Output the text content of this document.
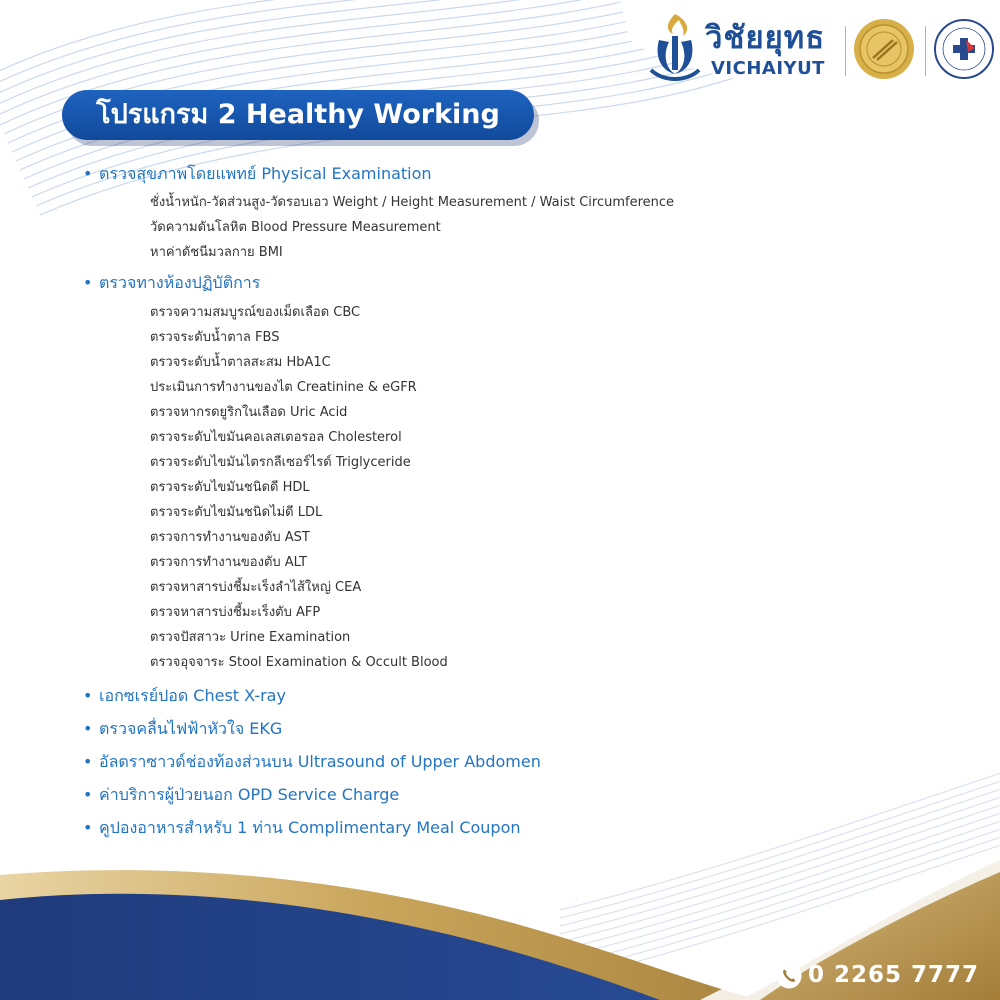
วิชัยยุทธ
VICHAIYUT
โปรแกรม 2 Healthy Working
• ตรวจสุขภาพโดยแพทย์ Physical Examination
ชั่งน้ำหนัก-วัดส่วนสูง-วัดรอบเอว Weight / Height Measurement / Waist Circumference
วัดความดันโลหิต Blood Pressure Measurement
หาค่าดัชนีมวลกาย BMI
• ตรวจทางห้องปฏิบัติการ
ตรวจความสมบูรณ์ของเม็ดเลือด CBC
ตรวจระดับน้ำตาล FBS
ตรวจระดับน้ำตาลสะสม HbA1C
ประเมินการทำงานของไต Creatinine & eGFR
ตรวจหากรดยูริกในเลือด Uric Acid
ตรวจระดับไขมันคอเลสเตอรอล Cholesterol
ตรวจระดับไขมันไตรกลีเซอร์ไรด์ Triglyceride
ตรวจระดับไขมันชนิดดี HDL
ตรวจระดับไขมันชนิดไม่ดี LDL
ตรวจการทำงานของตับ AST
ตรวจการทำงานของตับ ALT
ตรวจหาสารบ่งชี้มะเร็งลำไส้ใหญ่ CEA
ตรวจหาสารบ่งชี้มะเร็งตับ AFP
ตรวจปัสสาวะ Urine Examination
ตรวจอุจจาระ Stool Examination & Occult Blood
• เอกซเรย์ปอด Chest X-ray
• ตรวจคลื่นไฟฟ้าหัวใจ EKG
• อัลตราซาวด์ช่องท้องส่วนบน Ultrasound of Upper Abdomen
• ค่าบริการผู้ป่วยนอก OPD Service Charge
• คูปองอาหารสำหรับ 1 ท่าน Complimentary Meal Coupon
0 2265 7777
